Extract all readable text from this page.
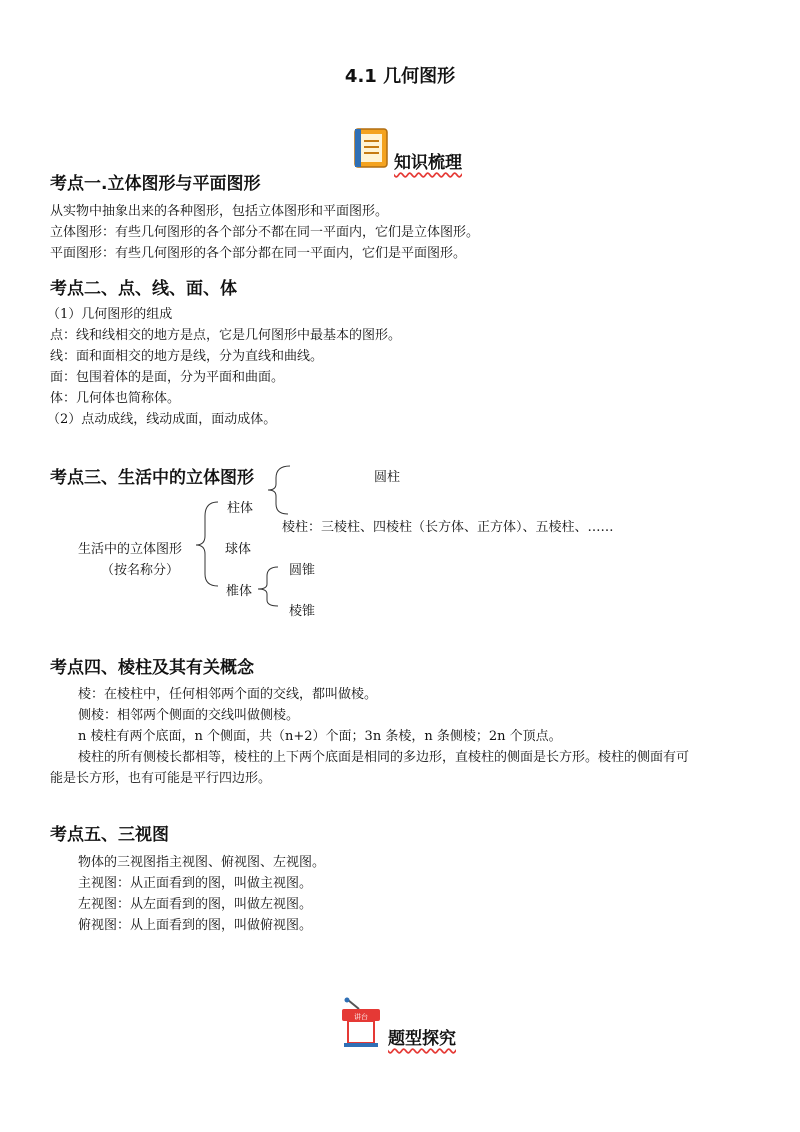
4.1 几何图形
知识梳理
考点一.立体图形与平面图形
从实物中抽象出来的各种图形，包括立体图形和平面图形。
立体图形：有些几何图形的各个部分不都在同一平面内，它们是立体图形。
平面图形：有些几何图形的各个部分都在同一平面内，它们是平面图形。
考点二、点、线、面、体
（1）几何图形的组成
点：线和线相交的地方是点，它是几何图形中最基本的图形。
线：面和面相交的地方是线，分为直线和曲线。
面：包围着体的是面，分为平面和曲面。
体：几何体也简称体。
（2）点动成线，线动成面，面动成体。
考点三、生活中的立体图形	圆柱
柱体
棱柱：三棱柱、四棱柱（长方体、正方体）、五棱柱、……
生活中的立体图形
（按名称分）
球体
圆锥
椎体
棱锥
考点四、棱柱及其有关概念
棱：在棱柱中，任何相邻两个面的交线，都叫做棱。
侧棱：相邻两个侧面的交线叫做侧棱。
n 棱柱有两个底面，n 个侧面，共（n+2）个面；3n 条棱，n 条侧棱；2n 个顶点。
棱柱的所有侧棱长都相等，棱柱的上下两个底面是相同的多边形，直棱柱的侧面是长方形。棱柱的侧面有可
能是长方形，也有可能是平行四边形。
考点五、三视图
物体的三视图指主视图、俯视图、左视图。
主视图：从正面看到的图，叫做主视图。
左视图：从左面看到的图，叫做左视图。
俯视图：从上面看到的图，叫做俯视图。
讲台
题型探究
